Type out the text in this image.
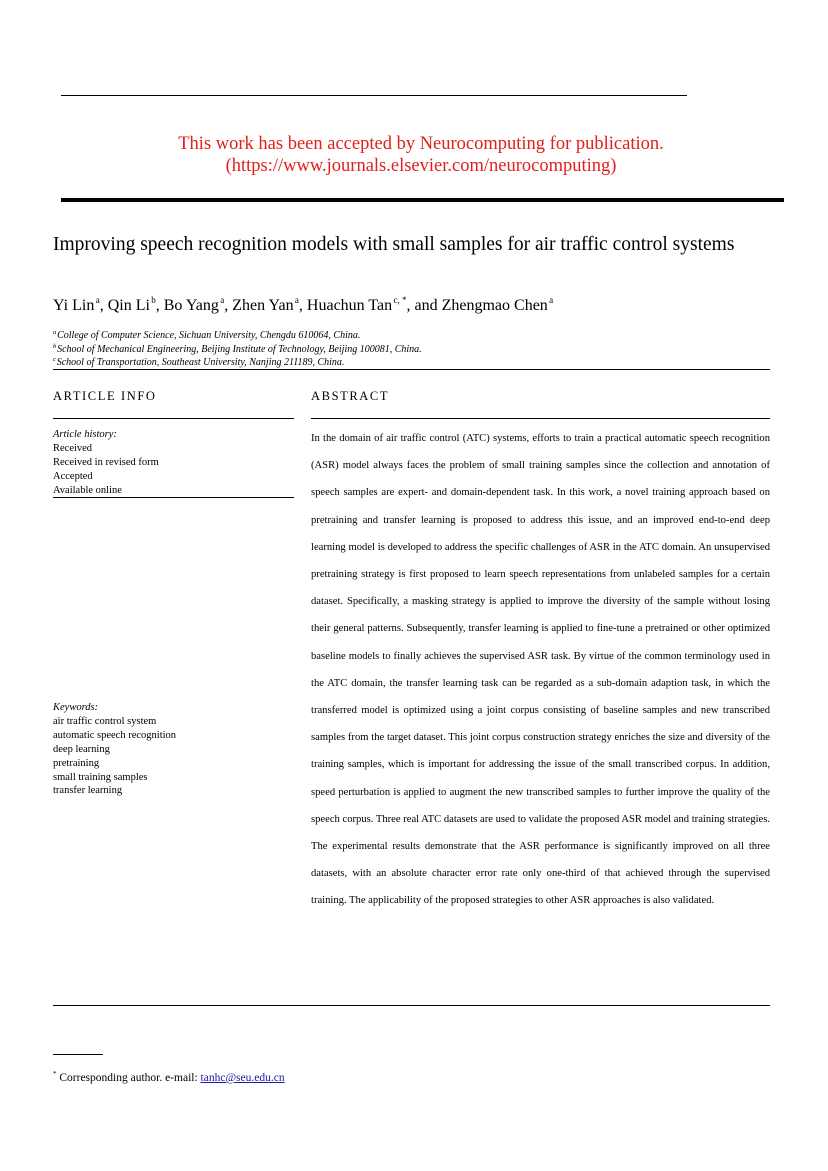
This work has been accepted by Neurocomputing for publication.
(https://www.journals.elsevier.com/neurocomputing)
Improving speech recognition models with small samples for air traffic control systems
Yi Lin $^a$, Qin Li $^b$, Bo Yang $^a$, Zhen Yan $^a$, Huachun Tan $^{c, *}$, and Zhengmao Chen $^a$
$^a$ College of Computer Science, Sichuan University, Chengdu 610064, China.
$^b$ School of Mechanical Engineering, Beijing Institute of Technology, Beijing 100081, China.
$^c$ School of Transportation, Southeast University, Nanjing 211189, China.
ARTICLE INFO	ABSTRACT
Article history:
Received
Received in revised form
Accepted
Available online
Keywords:
air traffic control system
automatic speech recognition
deep learning
pretraining
small training samples
transfer learning
In the domain of air traffic control (ATC) systems, efforts to train a practical automatic speech recognition (ASR) model always faces the problem of small training samples since the collection and annotation of speech samples are expert- and domain-dependent task. In this work, a novel training approach based on pretraining and transfer learning is proposed to address this issue, and an improved end-to-end deep learning model is developed to address the specific challenges of ASR in the ATC domain. An unsupervised pretraining strategy is first proposed to learn speech representations from unlabeled samples for a certain dataset. Specifically, a masking strategy is applied to improve the diversity of the sample without losing their general patterns. Subsequently, transfer learning is applied to fine-tune a pretrained or other optimized baseline models to finally achieves the supervised ASR task. By virtue of the common terminology used in the ATC domain, the transfer learning task can be regarded as a sub-domain adaption task, in which the transferred model is optimized using a joint corpus consisting of baseline samples and new transcribed samples from the target dataset. This joint corpus construction strategy enriches the size and diversity of the training samples, which is important for addressing the issue of the small transcribed corpus. In addition, speed perturbation is applied to augment the new transcribed samples to further improve the quality of the speech corpus. Three real ATC datasets are used to validate the proposed ASR model and training strategies. The experimental results demonstrate that the ASR performance is significantly improved on all three datasets, with an absolute character error rate only one-third of that achieved through the supervised training. The applicability of the proposed strategies to other ASR approaches is also validated.
* Corresponding author. e-mail: tanhc@seu.edu.cn
